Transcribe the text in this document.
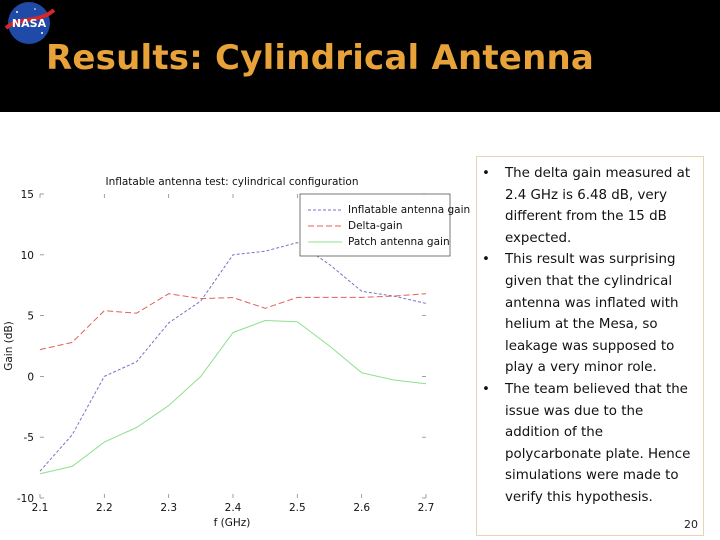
NASA
Results: Cylindrical Antenna
Inflatable antenna test: cylindrical configuration
f (GHz)
Gain (dB)
2.1	2.2	2.3	2.4	2.5	2.6	2.7
15
10
5
0
-5
-10
Inflatable antenna gain
Delta-gain
Patch antenna gain
• The delta gain measured at 2.4 GHz is 6.48 dB, very different from the 15 dB expected.
• This result was surprising given that the cylindrical antenna was inflated with helium at the Mesa, so leakage was supposed to play a very minor role.
• The team believed that the issue was due to the addition of the polycarbonate plate. Hence simulations were made to verify this hypothesis.
20
